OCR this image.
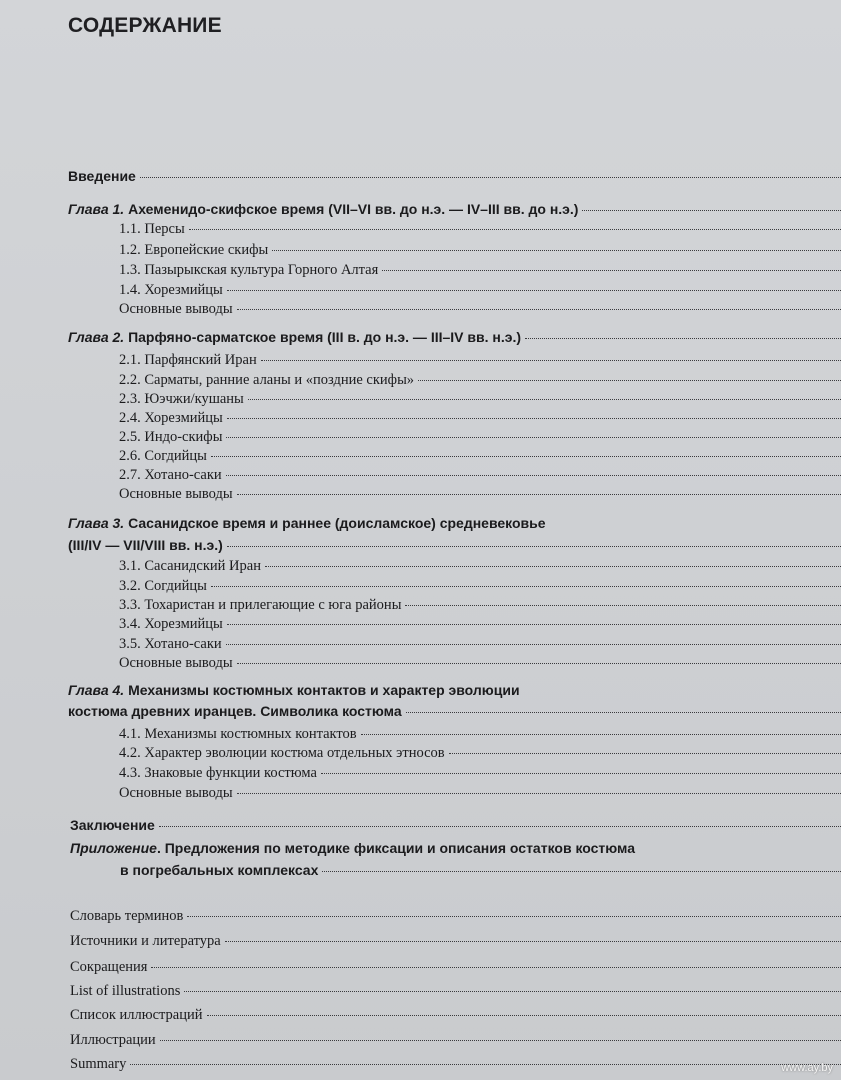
СОДЕРЖАНИЕ
Введение
Глава 1.
Ахеменидо-скифское время (VII–VI вв. до н.э. — IV–III вв. до н.э.)
1.1. Персы
1.2. Европейские скифы
1.3. Пазырыкская культура Горного Алтая
1.4. Хорезмийцы
Основные выводы
Глава 2.
Парфяно-сарматское время (III в. до н.э. — III–IV вв. н.э.)
2.1. Парфянский Иран
2.2. Сарматы, ранние аланы и «поздние скифы»
2.3. Юэчжи/кушаны
2.4. Хорезмийцы
2.5. Индо-скифы
2.6. Согдийцы
2.7. Хотано-саки
Основные выводы
Глава 3. Сасанидское время и раннее (доисламское) средневековье
(III/IV — VII/VIII вв. н.э.)
3.1. Сасанидский Иран
3.2. Согдийцы
3.3. Тохаристан и прилегающие с юга районы
3.4. Хорезмийцы
3.5. Хотано-саки
Основные выводы
Глава 4. Механизмы костюмных контактов и характер эволюции
костюма древних иранцев. Символика костюма
4.1. Механизмы костюмных контактов
4.2. Характер эволюции костюма отдельных этносов
4.3. Знаковые функции костюма
Основные выводы
Заключение
Приложение. Предложения по методике фиксации и описания остатков костюма
в погребальных комплексах
Словарь терминов
Источники и литература
Сокращения
List of illustrations
Список иллюстраций
Иллюстрации
Summary	www.ay.by
